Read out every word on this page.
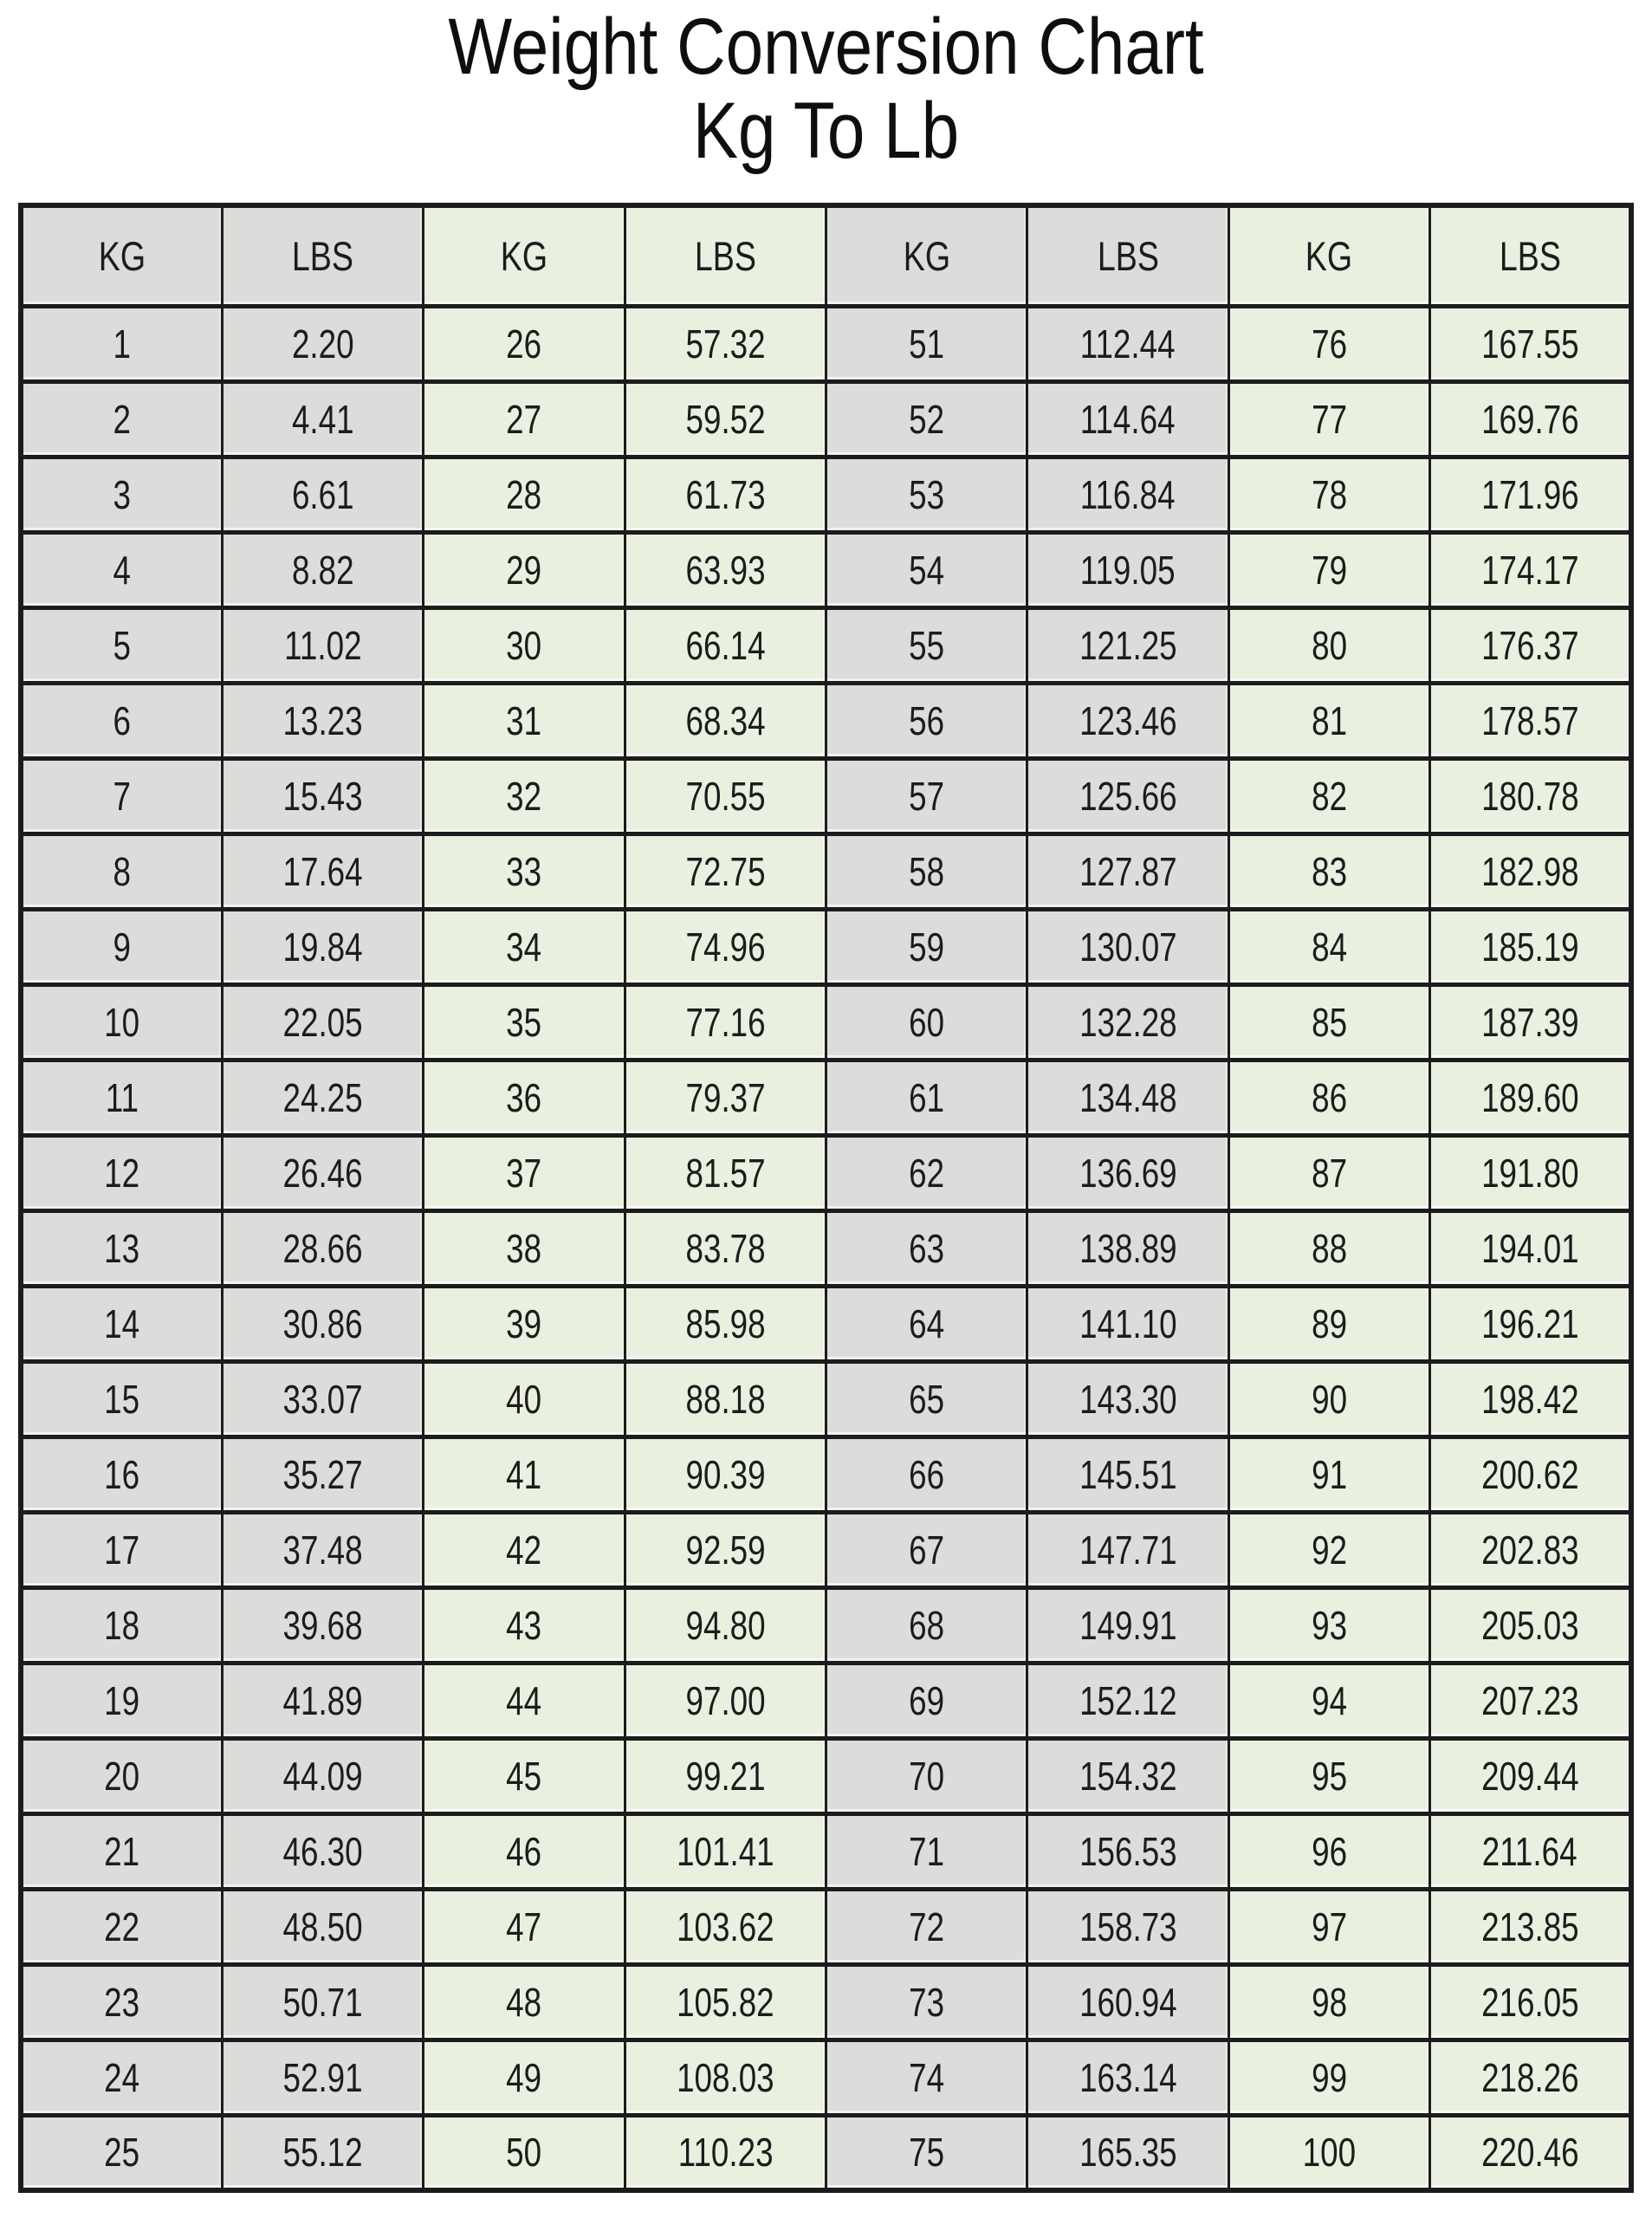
Weight Conversion Chart
Kg To Lb
KG	LBS	KG	LBS	KG	LBS	KG	LBS
1	2.20	26	57.32	51	112.44	76	167.55
2	4.41	27	59.52	52	114.64	77	169.76
3	6.61	28	61.73	53	116.84	78	171.96
4	8.82	29	63.93	54	119.05	79	174.17
5	11.02	30	66.14	55	121.25	80	176.37
6	13.23	31	68.34	56	123.46	81	178.57
7	15.43	32	70.55	57	125.66	82	180.78
8	17.64	33	72.75	58	127.87	83	182.98
9	19.84	34	74.96	59	130.07	84	185.19
10	22.05	35	77.16	60	132.28	85	187.39
11	24.25	36	79.37	61	134.48	86	189.60
12	26.46	37	81.57	62	136.69	87	191.80
13	28.66	38	83.78	63	138.89	88	194.01
14	30.86	39	85.98	64	141.10	89	196.21
15	33.07	40	88.18	65	143.30	90	198.42
16	35.27	41	90.39	66	145.51	91	200.62
17	37.48	42	92.59	67	147.71	92	202.83
18	39.68	43	94.80	68	149.91	93	205.03
19	41.89	44	97.00	69	152.12	94	207.23
20	44.09	45	99.21	70	154.32	95	209.44
21	46.30	46	101.41	71	156.53	96	211.64
22	48.50	47	103.62	72	158.73	97	213.85
23	50.71	48	105.82	73	160.94	98	216.05
24	52.91	49	108.03	74	163.14	99	218.26
25	55.12	50	110.23	75	165.35	100	220.46
